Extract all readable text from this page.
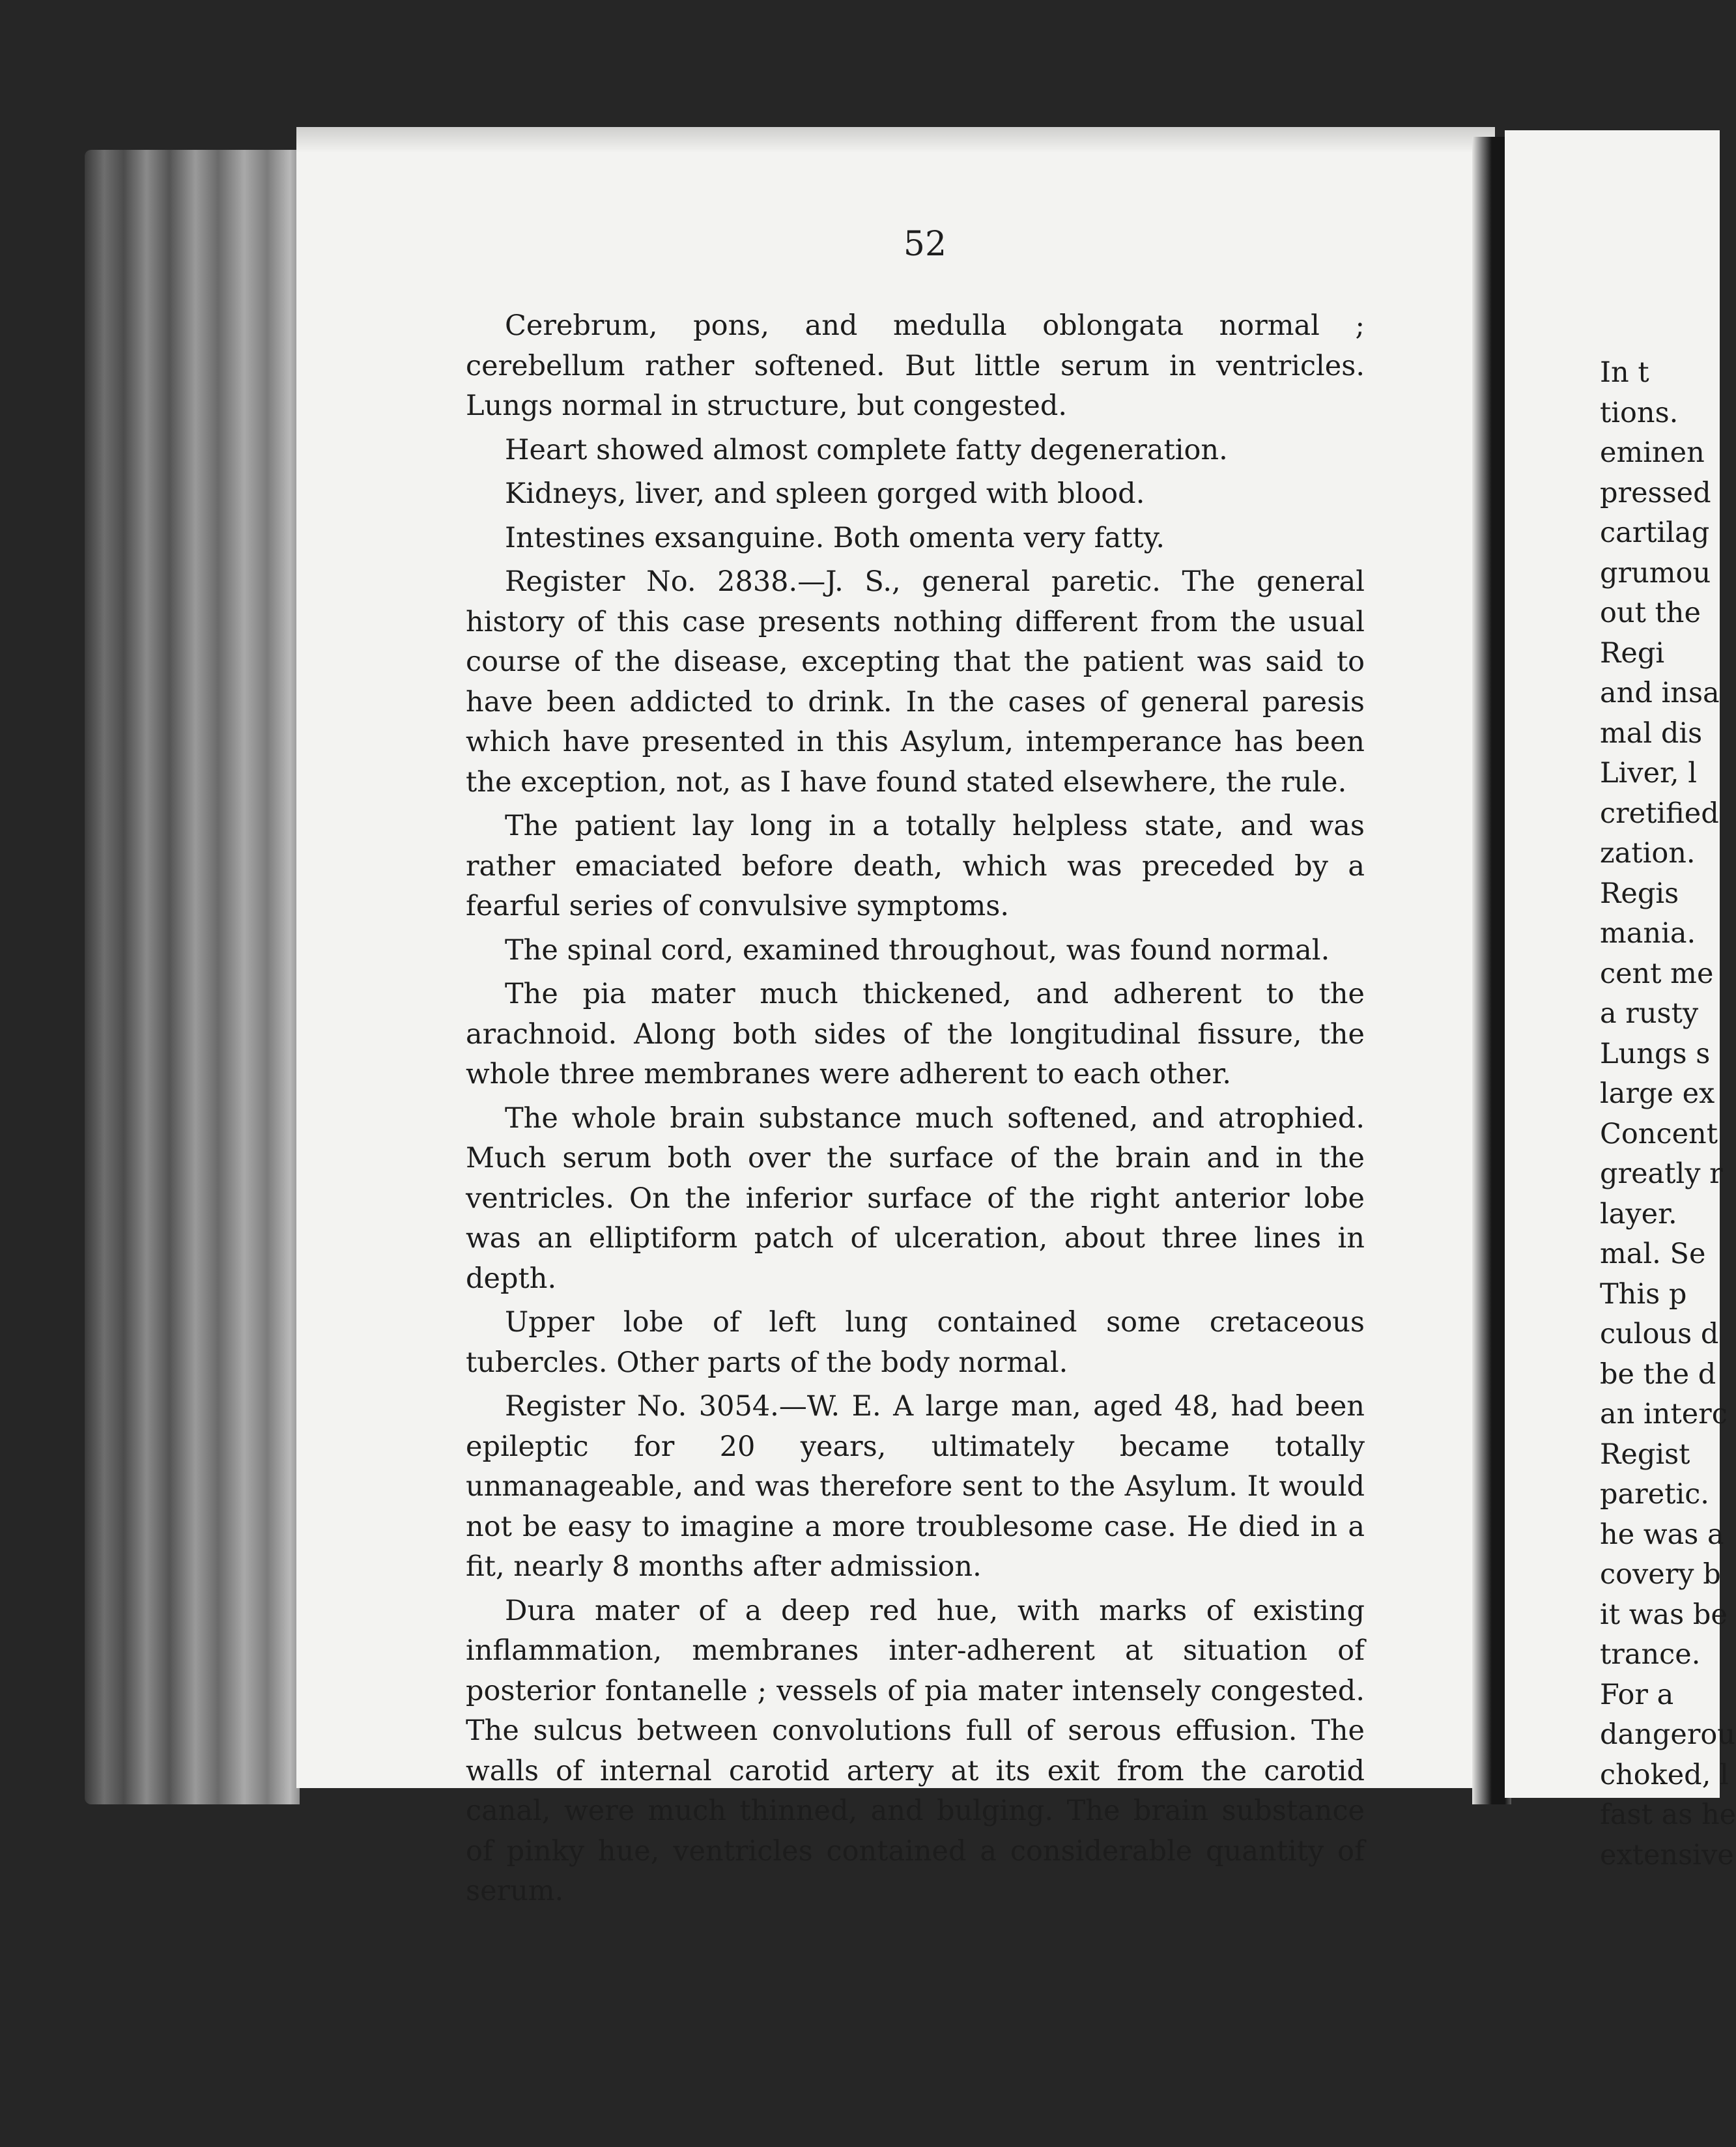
52

Cerebrum, pons, and medulla oblongata normal ; cerebellum rather softened. But little serum in ventricles. Lungs normal in structure, but congested.

Heart showed almost complete fatty degeneration.

Kidneys, liver, and spleen gorged with blood.

Intestines exsanguine. Both omenta very fatty.

Register No. 2838.—J. S., general paretic. The general history of this case presents nothing different from the usual course of the disease, excepting that the patient was said to have been addicted to drink. In the cases of general paresis which have presented in this Asylum, intemperance has been the exception, not, as I have found stated elsewhere, the rule.

The patient lay long in a totally helpless state, and was rather emaciated before death, which was preceded by a fearful series of convulsive symptoms.

The spinal cord, examined throughout, was found normal.

The pia mater much thickened, and adherent to the arachnoid. Along both sides of the longitudinal fissure, the whole three membranes were adherent to each other.

The whole brain substance much softened, and atrophied. Much serum both over the surface of the brain and in the ventricles. On the inferior surface of the right anterior lobe was an elliptiform patch of ulceration, about three lines in depth.

Upper lobe of left lung contained some cretaceous tubercles. Other parts of the body normal.

Register No. 3054.—W. E. A large man, aged 48, had been epileptic for 20 years, ultimately became totally unmanageable, and was therefore sent to the Asylum. It would not be easy to imagine a more troublesome case. He died in a fit, nearly 8 months after admission.

Dura mater of a deep red hue, with marks of existing inflammation, membranes inter-adherent at situation of posterior fontanelle ; vessels of pia mater intensely congested. The sulcus between convolutions full of serous effusion. The walls of internal carotid artery at its exit from the carotid canal, were much thinned, and bulging. The brain substance of pinky hue, ventricles contained a considerable quantity of serum.

In t
tions.
eminen
pressed
cartilag
grumou
out the
Regi
and insa
mal dis
Liver, l
cretified
zation.
Regis
mania.
cent me
a rusty
Lungs s
large ex
Concent
greatly r
layer.
mal. Se
This p
culous d
be the d
an interc
Regist
paretic.
he was a
covery b
it was be
trance.
For a
dangerou
choked, l
fast as he
extensive
